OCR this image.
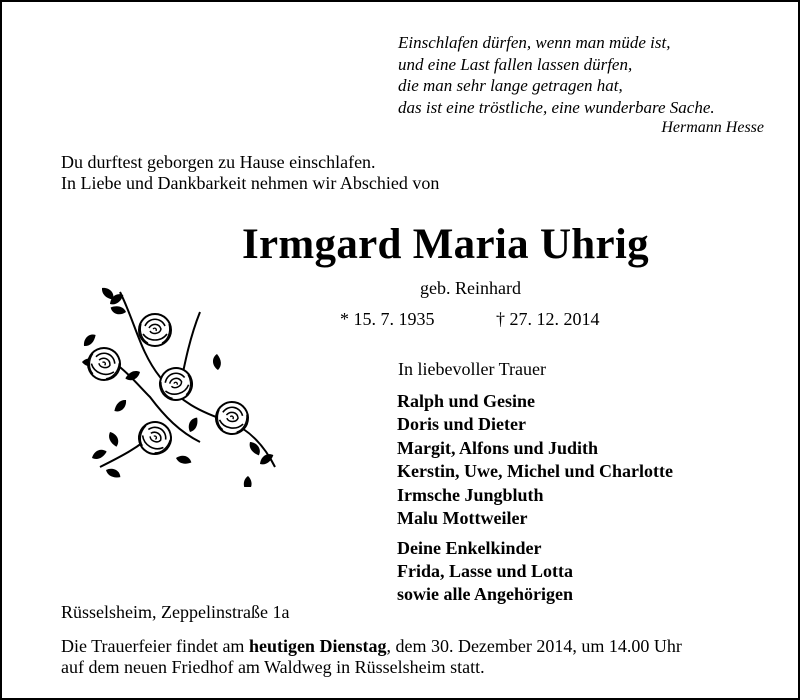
Einschlafen dürfen, wenn man müde ist,
und eine Last fallen lassen dürfen,
die man sehr lange getragen hat,
das ist eine tröstliche, eine wunderbare Sache.
Hermann Hesse
Du durftest geborgen zu Hause einschlafen.
In Liebe und Dankbarkeit nehmen wir Abschied von
Irmgard Maria Uhrig
geb. Reinhard
* 15. 7. 1935	† 27. 12. 2014
In liebevoller Trauer
Ralph und Gesine
Doris und Dieter
Margit, Alfons und Judith
Kerstin, Uwe, Michel und Charlotte
Irmsche Jungbluth
Malu Mottweiler
Deine Enkelkinder
Frida, Lasse und Lotta
sowie alle Angehörigen
Rüsselsheim, Zeppelinstraße 1a
Die Trauerfeier findet am heutigen Dienstag, dem 30. Dezember 2014, um 14.00 Uhr
auf dem neuen Friedhof am Waldweg in Rüsselsheim statt.
